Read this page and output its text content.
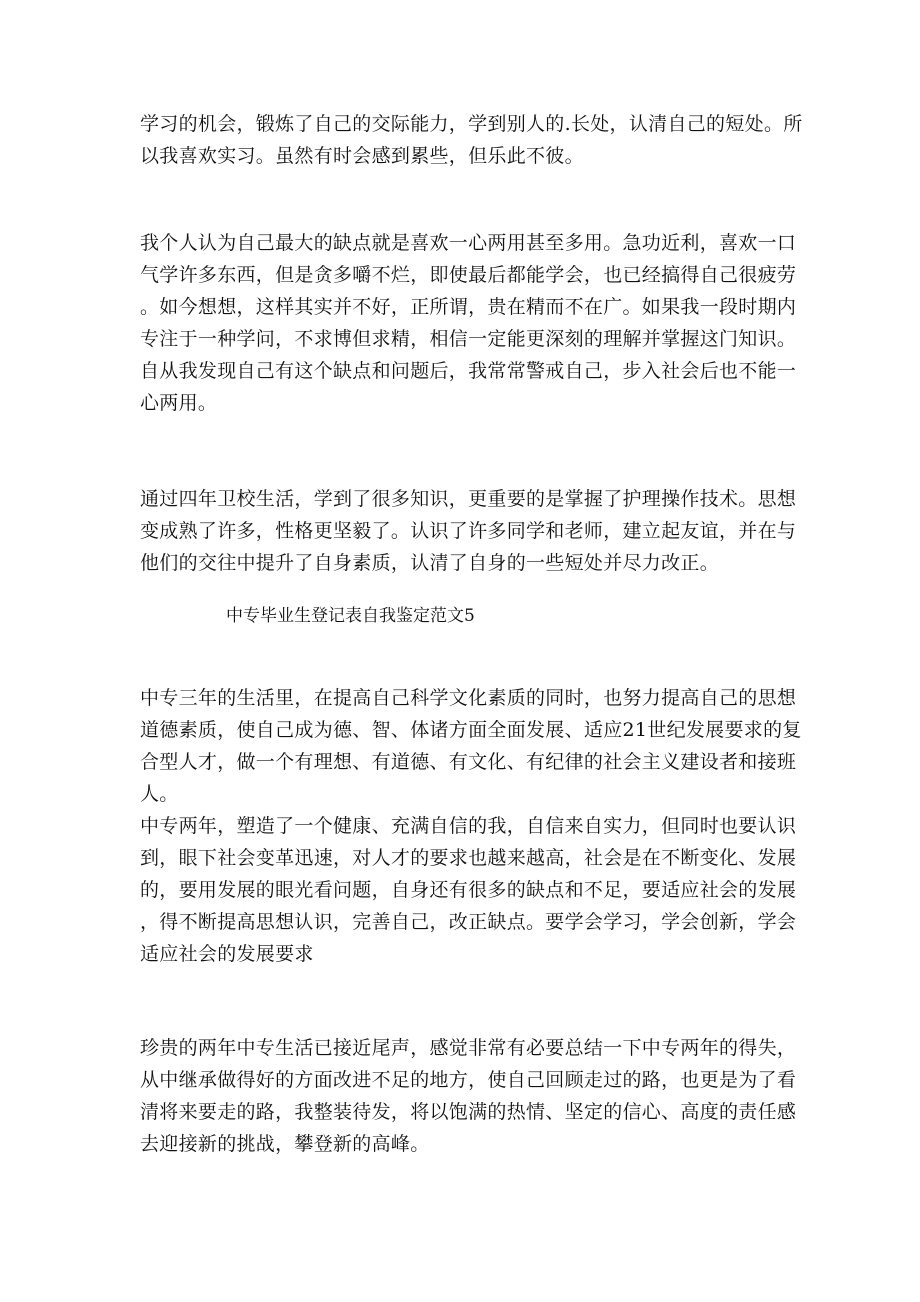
学习的机会，锻炼了自己的交际能力，学到别人的.长处，认清自己的短处。所
以我喜欢实习。虽然有时会感到累些，但乐此不彼。
我个人认为自己最大的缺点就是喜欢一心两用甚至多用。急功近利，喜欢一口
气学许多东西，但是贪多嚼不烂，即使最后都能学会，也已经搞得自己很疲劳
。如今想想，这样其实并不好，正所谓，贵在精而不在广。如果我一段时期内
专注于一种学问，不求博但求精，相信一定能更深刻的理解并掌握这门知识。
自从我发现自己有这个缺点和问题后，我常常警戒自己，步入社会后也不能一
心两用。
通过四年卫校生活，学到了很多知识，更重要的是掌握了护理操作技术。思想
变成熟了许多，性格更坚毅了。认识了许多同学和老师，建立起友谊，并在与
他们的交往中提升了自身素质，认清了自身的一些短处并尽力改正。
中专毕业生登记表自我鉴定范文5
中专三年的生活里，在提高自己科学文化素质的同时，也努力提高自己的思想
道德素质，使自己成为德、智、体诸方面全面发展、适应21世纪发展要求的复
合型人才，做一个有理想、有道德、有文化、有纪律的社会主义建设者和接班
人。
中专两年，塑造了一个健康、充满自信的我，自信来自实力，但同时也要认识
到，眼下社会变革迅速，对人才的要求也越来越高，社会是在不断变化、发展
的，要用发展的眼光看问题，自身还有很多的缺点和不足，要适应社会的发展
，得不断提高思想认识，完善自己，改正缺点。要学会学习，学会创新，学会
适应社会的发展要求
珍贵的两年中专生活已接近尾声，感觉非常有必要总结一下中专两年的得失，
从中继承做得好的方面改进不足的地方，使自己回顾走过的路，也更是为了看
清将来要走的路，我整装待发，将以饱满的热情、坚定的信心、高度的责任感
去迎接新的挑战，攀登新的高峰。
